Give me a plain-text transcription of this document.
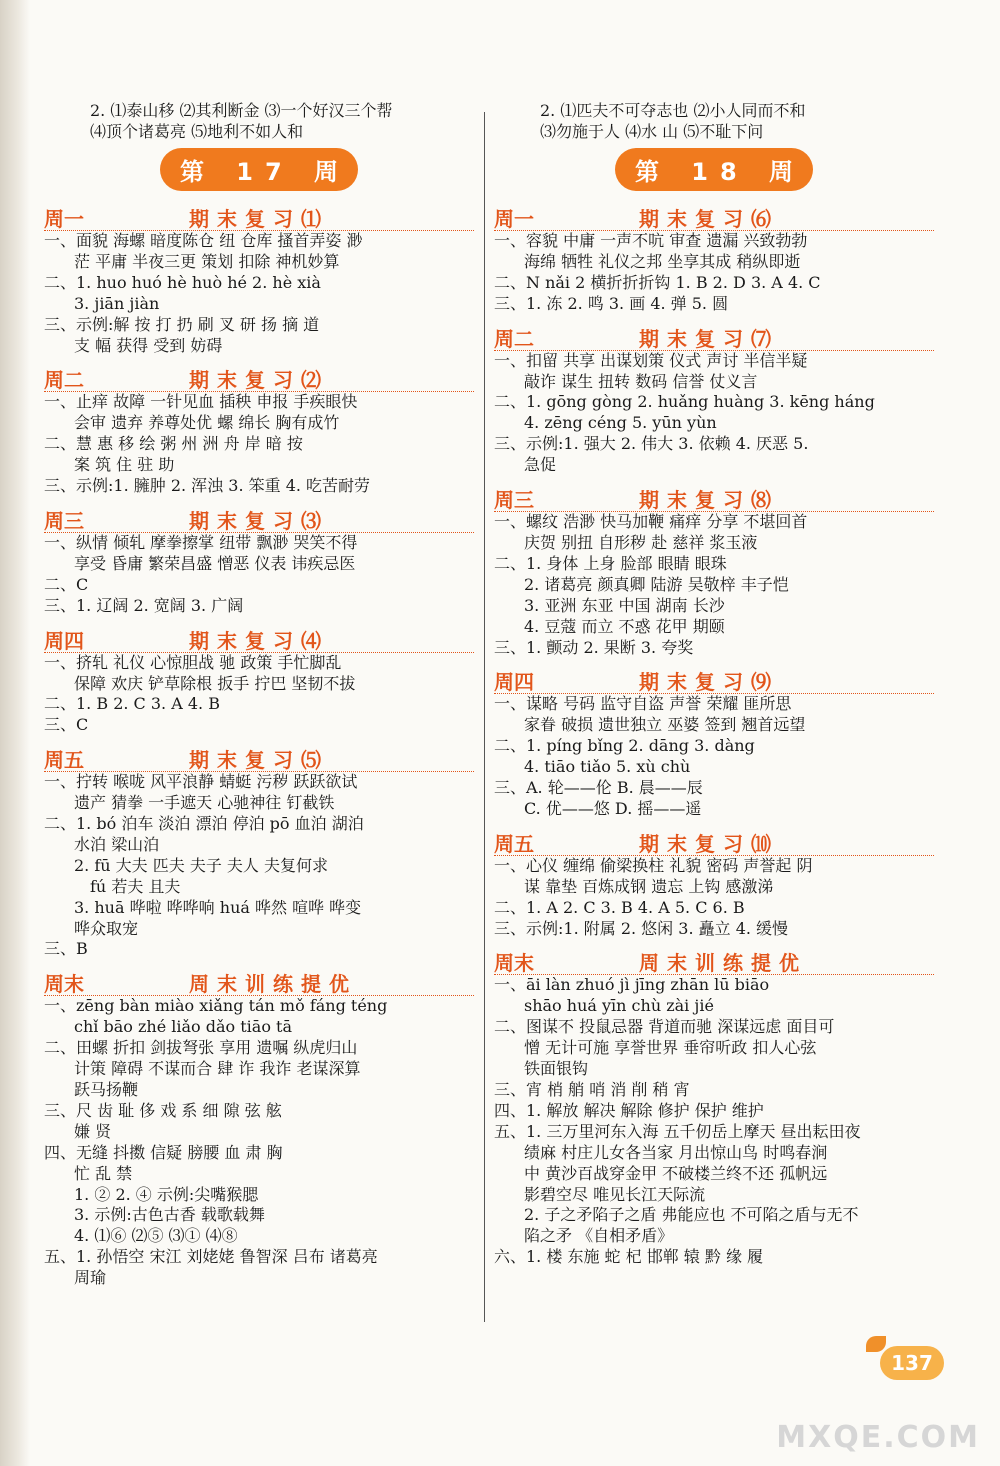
2. ⑴泰山移 ⑵其利断金 ⑶一个好汉三个帮

⑷顶个诸葛亮 ⑸地利不如人和

第 17 周
周一	期末复习⑴

一、面貌 海螺 暗度陈仓 纽 仓库 搔首弄姿 渺

茫 平庸 半夜三更 策划 扣除 神机妙算

二、1. huo huó hè huò hé 2. hè xià

3. jiān jiàn

三、示例:解 按 打 扔 刷 叉 研 扬 摘 道

支 幅 获得 受到 妨碍

周二	期末复习⑵

一、止痒 故障 一针见血 插秧 申报 手疾眼快

会审 遗弃 养尊处优 螺 绵长 胸有成竹

二、慧 惠 移 绘 粥 州 洲 舟 岸 暗 按

案 筑 住 驻 助

三、示例:1. 臃肿 2. 浑浊 3. 笨重 4. 吃苦耐劳

周三	期末复习⑶

一、纵情 倾轧 摩拳擦掌 纽带 飘渺 哭笑不得

享受 昏庸 繁荣昌盛 憎恶 仪表 讳疾忌医

二、C

三、1. 辽阔 2. 宽阔 3. 广阔

周四	期末复习⑷

一、挤轧 礼仪 心惊胆战 驰 政策 手忙脚乱

保障 欢庆 铲草除根 扳手 拧巴 坚韧不拔

二、1. B 2. C 3. A 4. B

三、C

周五	期末复习⑸

一、拧转 喉咙 风平浪静 蜻蜓 污秽 跃跃欲试

遗产 猜拳 一手遮天 心驰神往 钉截铁

二、1. bó 泊车 淡泊 漂泊 停泊 pō 血泊 湖泊

水泊 梁山泊

2. fū 大夫 匹夫 夫子 夫人 夫复何求

fú 若夫 且夫

3. huā 哗啦 哗哗响 huá 哗然 喧哗 哗变

哗众取宠

三、B

周末	周末训练提优

一、zēng bàn miào xiǎng tán mǒ fáng téng

chǐ bāo zhé liǎo dǎo tiāo tā

二、田螺 折扣 剑拔弩张 享用 遗嘱 纵虎归山

计策 障碍 不谋而合 肆 诈 我诈 老谋深算

跃马扬鞭

三、尺 齿 耻 侈 戏 系 细 隙 弦 舷

嫌 贤

四、无缝 抖擞 信疑 膀腰 血 肃 胸

忙 乱 禁

1. ② 2. ④ 示例:尖嘴猴腮

3. 示例:古色古香 载歌载舞

4. ⑴⑥ ⑵⑤ ⑶① ⑷⑧

五、1. 孙悟空 宋江 刘姥姥 鲁智深 吕布 诸葛亮

周瑜

2. ⑴匹夫不可夺志也 ⑵小人同而不和

⑶勿施于人 ⑷水 山 ⑸不耻下问

第 18 周
周一	期末复习⑹

一、容貌 中庸 一声不吭 审查 遗漏 兴致勃勃

海绵 牺牲 礼仪之邦 坐享其成 稍纵即逝

二、N nǎi 2 横折折折钩 1. B 2. D 3. A 4. C

三、1. 冻 2. 鸣 3. 画 4. 弹 5. 圆

周二	期末复习⑺

一、扣留 共享 出谋划策 仪式 声讨 半信半疑

敲诈 谋生 扭转 数码 信誉 仗义言

二、1. gōng gòng 2. huǎng huàng 3. kēng háng

4. zēng céng 5. yūn yùn

三、示例:1. 强大 2. 伟大 3. 依赖 4. 厌恶 5.

急促

周三	期末复习⑻

一、螺纹 浩渺 快马加鞭 痛痒 分享 不堪回首

庆贺 别扭 自形秽 赴 慈祥 浆玉液

二、1. 身体 上身 脸部 眼睛 眼珠

2. 诸葛亮 颜真卿 陆游 吴敬梓 丰子恺

3. 亚洲 东亚 中国 湖南 长沙

4. 豆蔻 而立 不惑 花甲 期颐

三、1. 颤动 2. 果断 3. 夸奖

周四	期末复习⑼

一、谋略 号码 监守自盗 声誉 荣耀 匪所思

家眷 破损 遗世独立 巫婆 签到 翘首远望

二、1. píng bǐng 2. dāng 3. dàng

4. tiāo tiǎo 5. xù chù

三、A. 轮——伦 B. 晨——辰

C. 优——悠 D. 摇——遥

周五	期末复习⑽

一、心仪 缠绵 偷梁换柱 礼貌 密码 声誉起 阴

谋 靠垫 百炼成钢 遗忘 上钩 感激涕

二、1. A 2. C 3. B 4. A 5. C 6. B

三、示例:1. 附属 2. 悠闲 3. 矗立 4. 缓慢

周末	周末训练提优

一、āi làn zhuó jì jīng zhān lū biāo

shāo huá yīn chù zài jié

二、图谋不 投鼠忌器 背道而驰 深谋远虑 面目可

憎 无计可施 享誉世界 垂帘听政 扣人心弦

铁面银钩

三、宵 梢 艄 哨 消 削 稍 宵

四、1. 解放 解决 解除 修护 保护 维护

五、1. 三万里河东入海 五千仞岳上摩天 昼出耘田夜

绩麻 村庄儿女各当家 月出惊山鸟 时鸣春涧

中 黄沙百战穿金甲 不破楼兰终不还 孤帆远

影碧空尽 唯见长江天际流

2. 子之矛陷子之盾 弗能应也 不可陷之盾与无不

陷之矛 《自相矛盾》

六、1. 楼 东施 蛇 杞 邯郸 辕 黔 缘 履

137
MXQE.COM
